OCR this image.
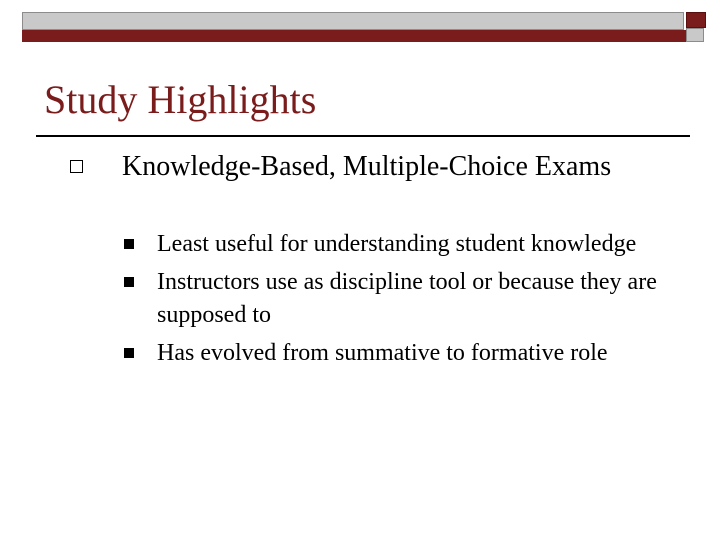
Study Highlights
Knowledge-Based, Multiple-Choice Exams
Least useful for understanding student knowledge
Instructors use as discipline tool or because they are supposed to
Has evolved from summative to formative role
